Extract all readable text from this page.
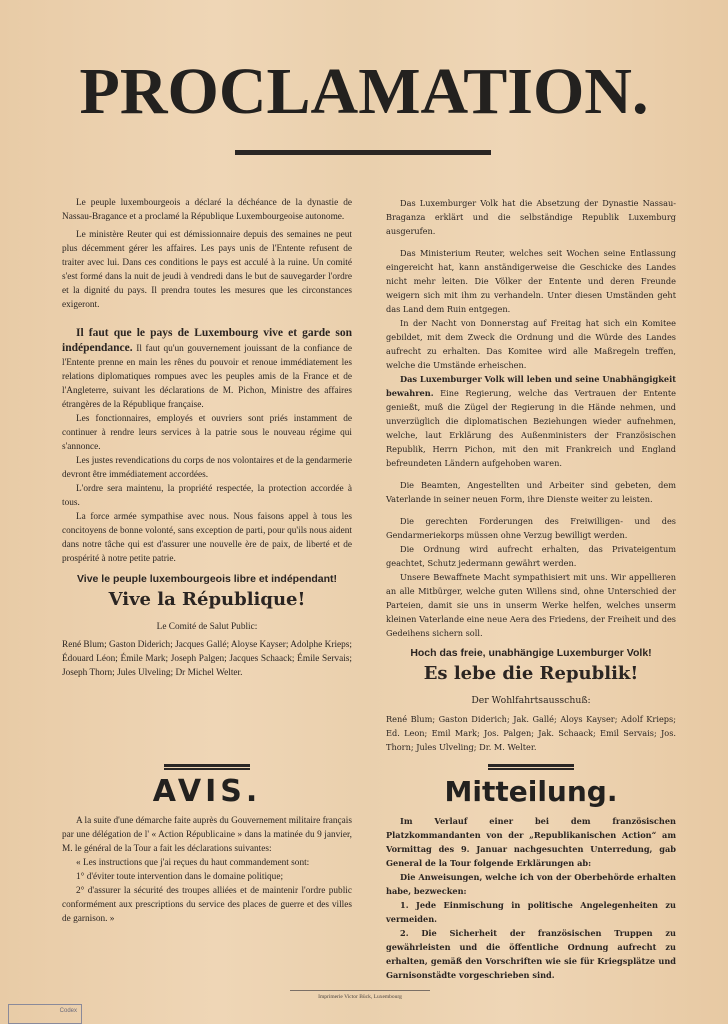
PROCLAMATION.

Le peuple luxembourgeois a déclaré la déchéance de la dynastie de Nassau-Bragance et a proclamé la République Luxembourgeoise autonome.

Le ministère Reuter qui est démissionnaire depuis des semaines ne peut plus décemment gérer les affaires. Les pays unis de l'Entente refusent de traiter avec lui. Dans ces conditions le pays est acculé à la ruine. Un comité s'est formé dans la nuit de jeudi à vendredi dans le but de sauvegarder l'ordre et la dignité du pays. Il prendra toutes les mesures que les circonstances exigeront.

Il faut que le pays de Luxembourg vive et garde son indépendance. Il faut qu'un gouvernement jouissant de la confiance de l'Entente prenne en main les rênes du pouvoir et renoue immédiatement les relations diplomatiques rompues avec les peuples amis de la France et de l'Angleterre, suivant les déclarations de M. Pichon, Ministre des affaires étrangères de la République française.

Les fonctionnaires, employés et ouvriers sont priés instamment de continuer à rendre leurs services à la patrie sous le nouveau régime qui s'annonce.

Les justes revendications du corps de nos volontaires et de la gendarmerie devront être immédiatement accordées.

L'ordre sera maintenu, la propriété respectée, la protection accordée à tous.

La force armée sympathise avec nous. Nous faisons appel à tous les concitoyens de bonne volonté, sans exception de parti, pour qu'ils nous aident dans notre tâche qui est d'assurer une nouvelle ère de paix, de liberté et de prospérité à notre petite patrie.

Vive le peuple luxembourgeois libre et indépendant!
Vive la République!
Le Comité de Salut Public:

René Blum; Gaston Diderich; Jacques Gallé; Aloyse Kayser; Adolphe Krieps; Édouard Léon; Émile Mark; Joseph Palgen; Jacques Schaack; Émile Servais; Joseph Thorn; Jules Ulveling; Dr Michel Welter.

Das Luxemburger Volk hat die Absetzung der Dynastie Nassau-Braganza erklärt und die selbständige Republik Luxemburg ausgerufen.

Das Ministerium Reuter, welches seit Wochen seine Entlassung eingereicht hat, kann anständigerweise die Geschicke des Landes nicht mehr leiten. Die Völker der Entente und deren Freunde weigern sich mit ihm zu verhandeln. Unter diesen Umständen geht das Land dem Ruin entgegen.

In der Nacht von Donnerstag auf Freitag hat sich ein Komitee gebildet, mit dem Zweck die Ordnung und die Würde des Landes aufrecht zu erhalten. Das Komitee wird alle Maßregeln treffen, welche die Umstände erheischen.

Das Luxemburger Volk will leben und seine Unabhängigkeit bewahren. Eine Regierung, welche das Vertrauen der Entente genießt, muß die Zügel der Regierung in die Hände nehmen, und unverzüglich die diplomatischen Beziehungen wieder aufnehmen, welche, laut Erklärung des Außenministers der Französischen Republik, Herrn Pichon, mit den mit Frankreich und England befreundeten Ländern aufgehoben waren.

Die Beamten, Angestellten und Arbeiter sind gebeten, dem Vaterlande in seiner neuen Form, ihre Dienste weiter zu leisten.

Die gerechten Forderungen des Freiwilligen- und des Gendarmeriekorps müssen ohne Verzug bewilligt werden.

Die Ordnung wird aufrecht erhalten, das Privateigentum geachtet, Schutz jedermann gewährt werden.

Unsere Bewaffnete Macht sympathisiert mit uns. Wir appellieren an alle Mitbürger, welche guten Willens sind, ohne Unterschied der Parteien, damit sie uns in unserm Werke helfen, welches unserm kleinen Vaterlande eine neue Aera des Friedens, der Freiheit und des Gedeihens sichern soll.

Hoch das freie, unabhängige Luxemburger Volk!
Es lebe die Republik!
Der Wohlfahrtsausschuß:

René Blum; Gaston Diderich; Jak. Gallé; Aloys Kayser; Adolf Krieps; Ed. Leon; Emil Mark; Jos. Palgen; Jak. Schaack; Emil Servais; Jos. Thorn; Jules Ulveling; Dr. M. Welter.

AVIS.

A la suite d'une démarche faite auprès du Gouvernement militaire français par une délégation de l' « Action Républicaine » dans la matinée du 9 janvier, M. le général de la Tour a fait les déclarations suivantes:

« Les instructions que j'ai reçues du haut commandement sont:

1° d'éviter toute intervention dans le domaine politique;

2° d'assurer la sécurité des troupes alliées et de maintenir l'ordre public conformément aux prescriptions du service des places de guerre et des villes de garnison. »

Mitteilung.

Im Verlauf einer bei dem französischen Platzkommandanten von der „Republikanischen Action“ am Vormittag des 9. Januar nachgesuchten Unterredung, gab General de la Tour folgende Erklärungen ab:

Die Anweisungen, welche ich von der Oberbehörde erhalten habe, bezwecken:

1. Jede Einmischung in politische Angelegenheiten zu vermeiden.

2. Die Sicherheit der französischen Truppen zu gewährleisten und die öffentliche Ordnung aufrecht zu erhalten, gemäß den Vorschriften wie sie für Kriegsplätze und Garnisonstädte vorgeschrieben sind.

Imprimerie Victor Bück, Luxembourg
Codex
